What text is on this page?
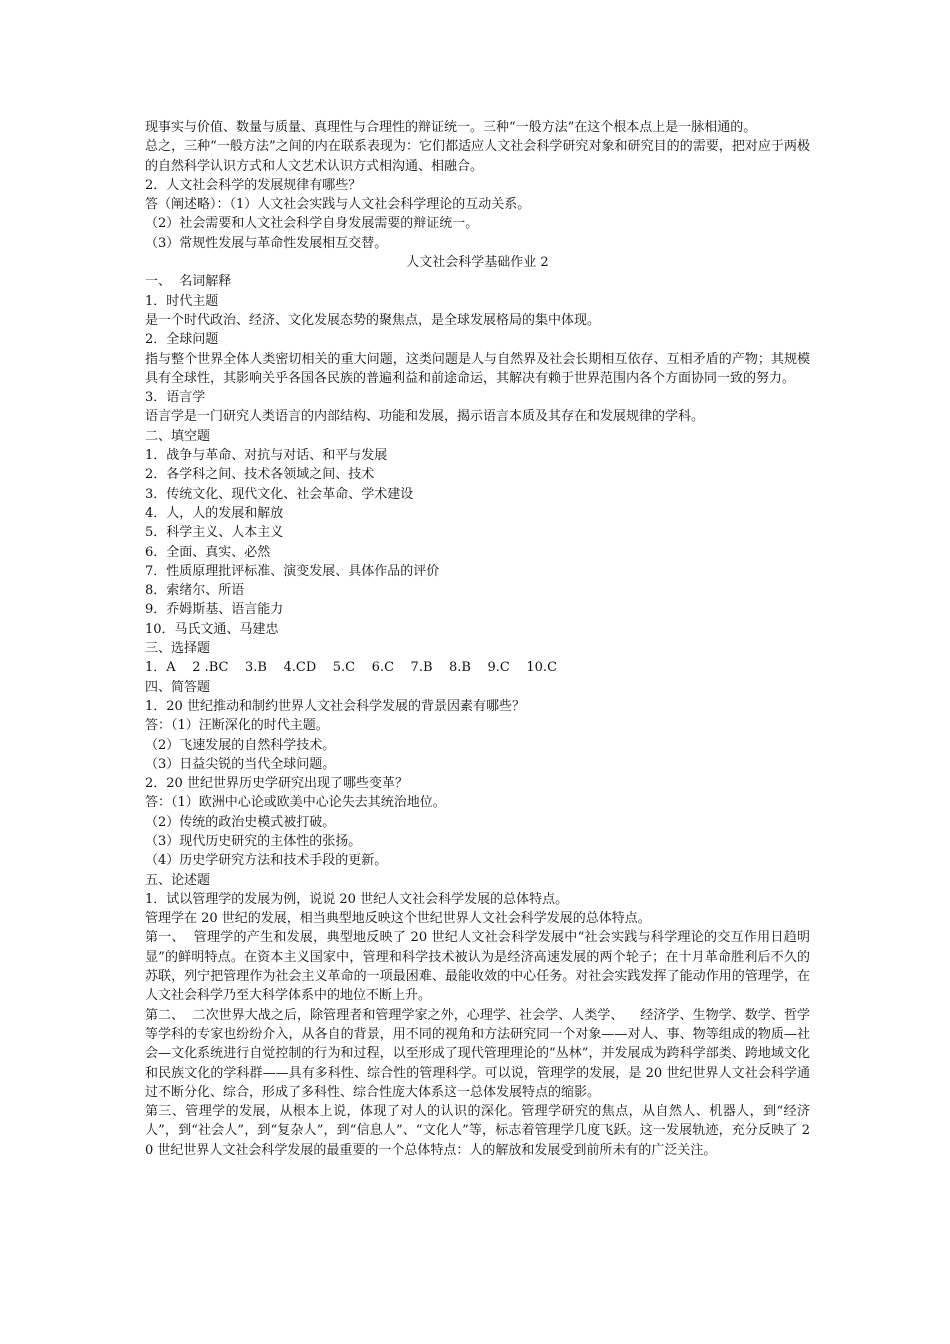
现事实与价值、数量与质量、真理性与合理性的辩证统一。三种“一般方法”在这个根本点上是一脉相通的。
总之，三种“一般方法”之间的内在联系表现为：它们都适应人文社会科学研究对象和研究目的的需要，把对应于两极的自然科学认识方式和人文艺术认识方式相沟通、相融合。
2．人文社会科学的发展规律有哪些？
答（阐述略）：（1）人文社会实践与人文社会科学理论的互动关系。
（2）社会需要和人文社会科学自身发展需要的辩证统一。
（3）常规性发展与革命性发展相互交替。
人文社会科学基础作业 2
一、  名词解释
1．时代主题
是一个时代政治、经济、文化发展态势的聚焦点，是全球发展格局的集中体现。
2．全球问题
指与整个世界全体人类密切相关的重大问题，这类问题是人与自然界及社会长期相互依存、互相矛盾的产物；其规模具有全球性，其影响关乎各国各民族的普遍利益和前途命运，其解决有赖于世界范围内各个方面协同一致的努力。
3．语言学
语言学是一门研究人类语言的内部结构、功能和发展，揭示语言本质及其存在和发展规律的学科。
二、填空题
1．战争与革命、对抗与对话、和平与发展
2．各学科之间、技术各领域之间、技术
3．传统文化、现代文化、社会革命、学术建设
4．人，人的发展和解放
5．科学主义、人本主义
6．全面、真实、必然
7．性质原理批评标准、演变发展、具体作品的评价
8．索绪尔、所语
9．乔姆斯基、语言能力
10．马氏文通、马建忠
三、选择题
1．A    2 .BC    3.B    4.CD    5.C    6.C    7.B    8.B    9.C    10.C
四、简答题
1．20 世纪推动和制约世界人文社会科学发展的背景因素有哪些？
答：（1）汪断深化的时代主题。
（2）飞速发展的自然科学技术。
（3）日益尖锐的当代全球问题。
2．20 世纪世界历史学研究出现了哪些变革？
答：（1）欧洲中心论或欧美中心论失去其统治地位。
（2）传统的政治史模式被打破。
（3）现代历史研究的主体性的张扬。
（4）历史学研究方法和技术手段的更新。
五、论述题
1．试以管理学的发展为例，说说 20 世纪人文社会科学发展的总体特点。
管理学在 20 世纪的发展，相当典型地反映这个世纪世界人文社会科学发展的总体特点。
第一、  管理学的产生和发展，典型地反映了 20 世纪人文社会科学发展中“社会实践与科学理论的交互作用日趋明显”的鲜明特点。在资本主义国家中，管理和科学技术被认为是经济高速发展的两个轮子；在十月革命胜利后不久的苏联，列宁把管理作为社会主义革命的一项最困难、最能收效的中心任务。对社会实践发挥了能动作用的管理学，在人文社会科学乃至大科学体系中的地位不断上升。
第二、  二次世界大战之后，除管理者和管理学家之外，心理学、社会学、人类学、    经济学、生物学、数学、哲学等学科的专家也纷纷介入，从各自的背景，用不同的视角和方法研究同一个对象——对人、事、物等组成的物质—社会—文化系统进行自觉控制的行为和过程，以至形成了现代管理理论的“丛林”，并发展成为跨科学部类、跨地域文化和民族文化的学科群——具有多科性、综合性的管理科学。可以说，管理学的发展，是 20 世纪世界人文社会科学通过不断分化、综合，形成了多科性、综合性庞大体系这一总体发展特点的缩影。
第三、管理学的发展，从根本上说，体现了对人的认识的深化。管理学研究的焦点，从自然人、机器人，到“经济人”，到“社会人”，到“复杂人”，到“信息人”、“文化人”等，标志着管理学几度飞跃。这一发展轨迹，充分反映了 20 世纪世界人文社会科学发展的最重要的一个总体特点：人的解放和发展受到前所未有的广泛关注。
